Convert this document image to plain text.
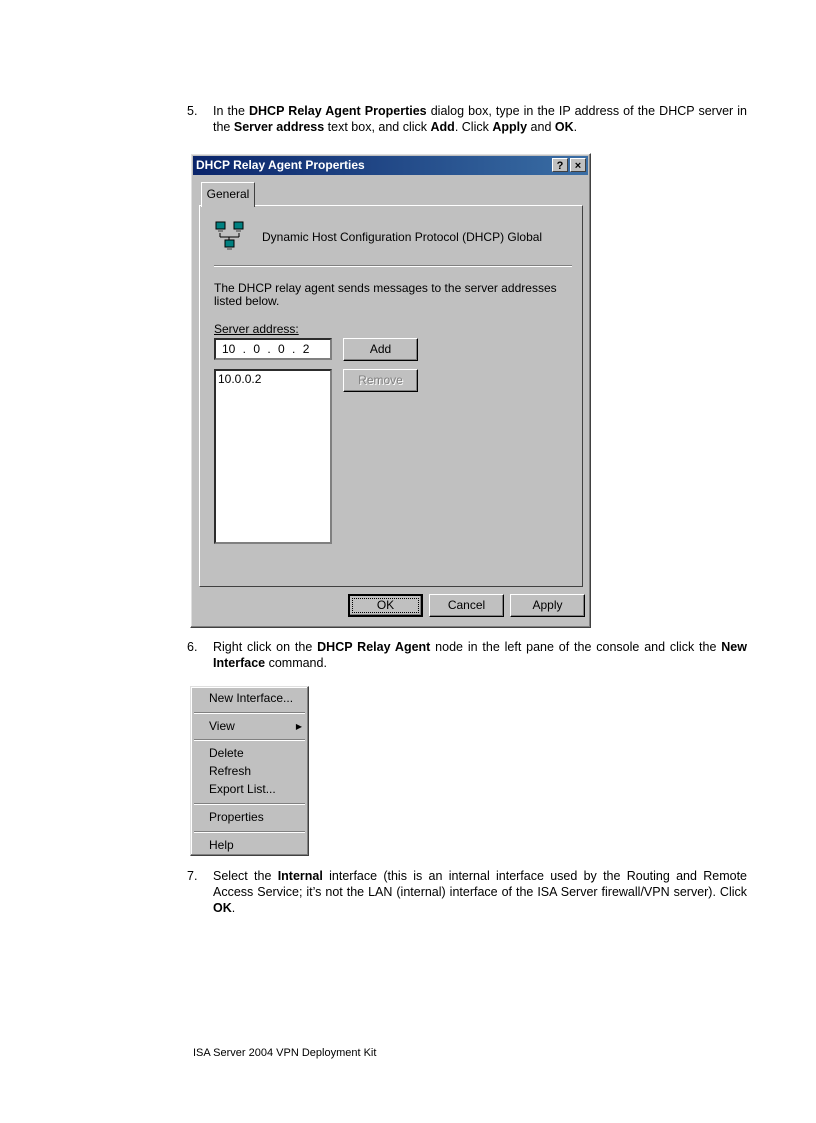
5. In the DHCP Relay Agent Properties dialog box, type in the IP address of the DHCP server in the Server address text box, and click Add. Click Apply and OK.
DHCP Relay Agent Properties	?	×
General
Dynamic Host Configuration Protocol (DHCP) Global
The DHCP relay agent sends messages to the server addresses listed below.
Server address:
10 . 0 . 0 . 2	Add
Remove
10.0.0.2
OK	Cancel	Apply
6. Right click on the DHCP Relay Agent node in the left pane of the console and click the New Interface command.
New Interface...
View	▶
Delete
Refresh
Export List...
Properties
Help
7. Select the Internal interface (this is an internal interface used by the Routing and Remote Access Service; it’s not the LAN (internal) interface of the ISA Server firewall/VPN server). Click OK.
ISA Server 2004 VPN Deployment Kit
